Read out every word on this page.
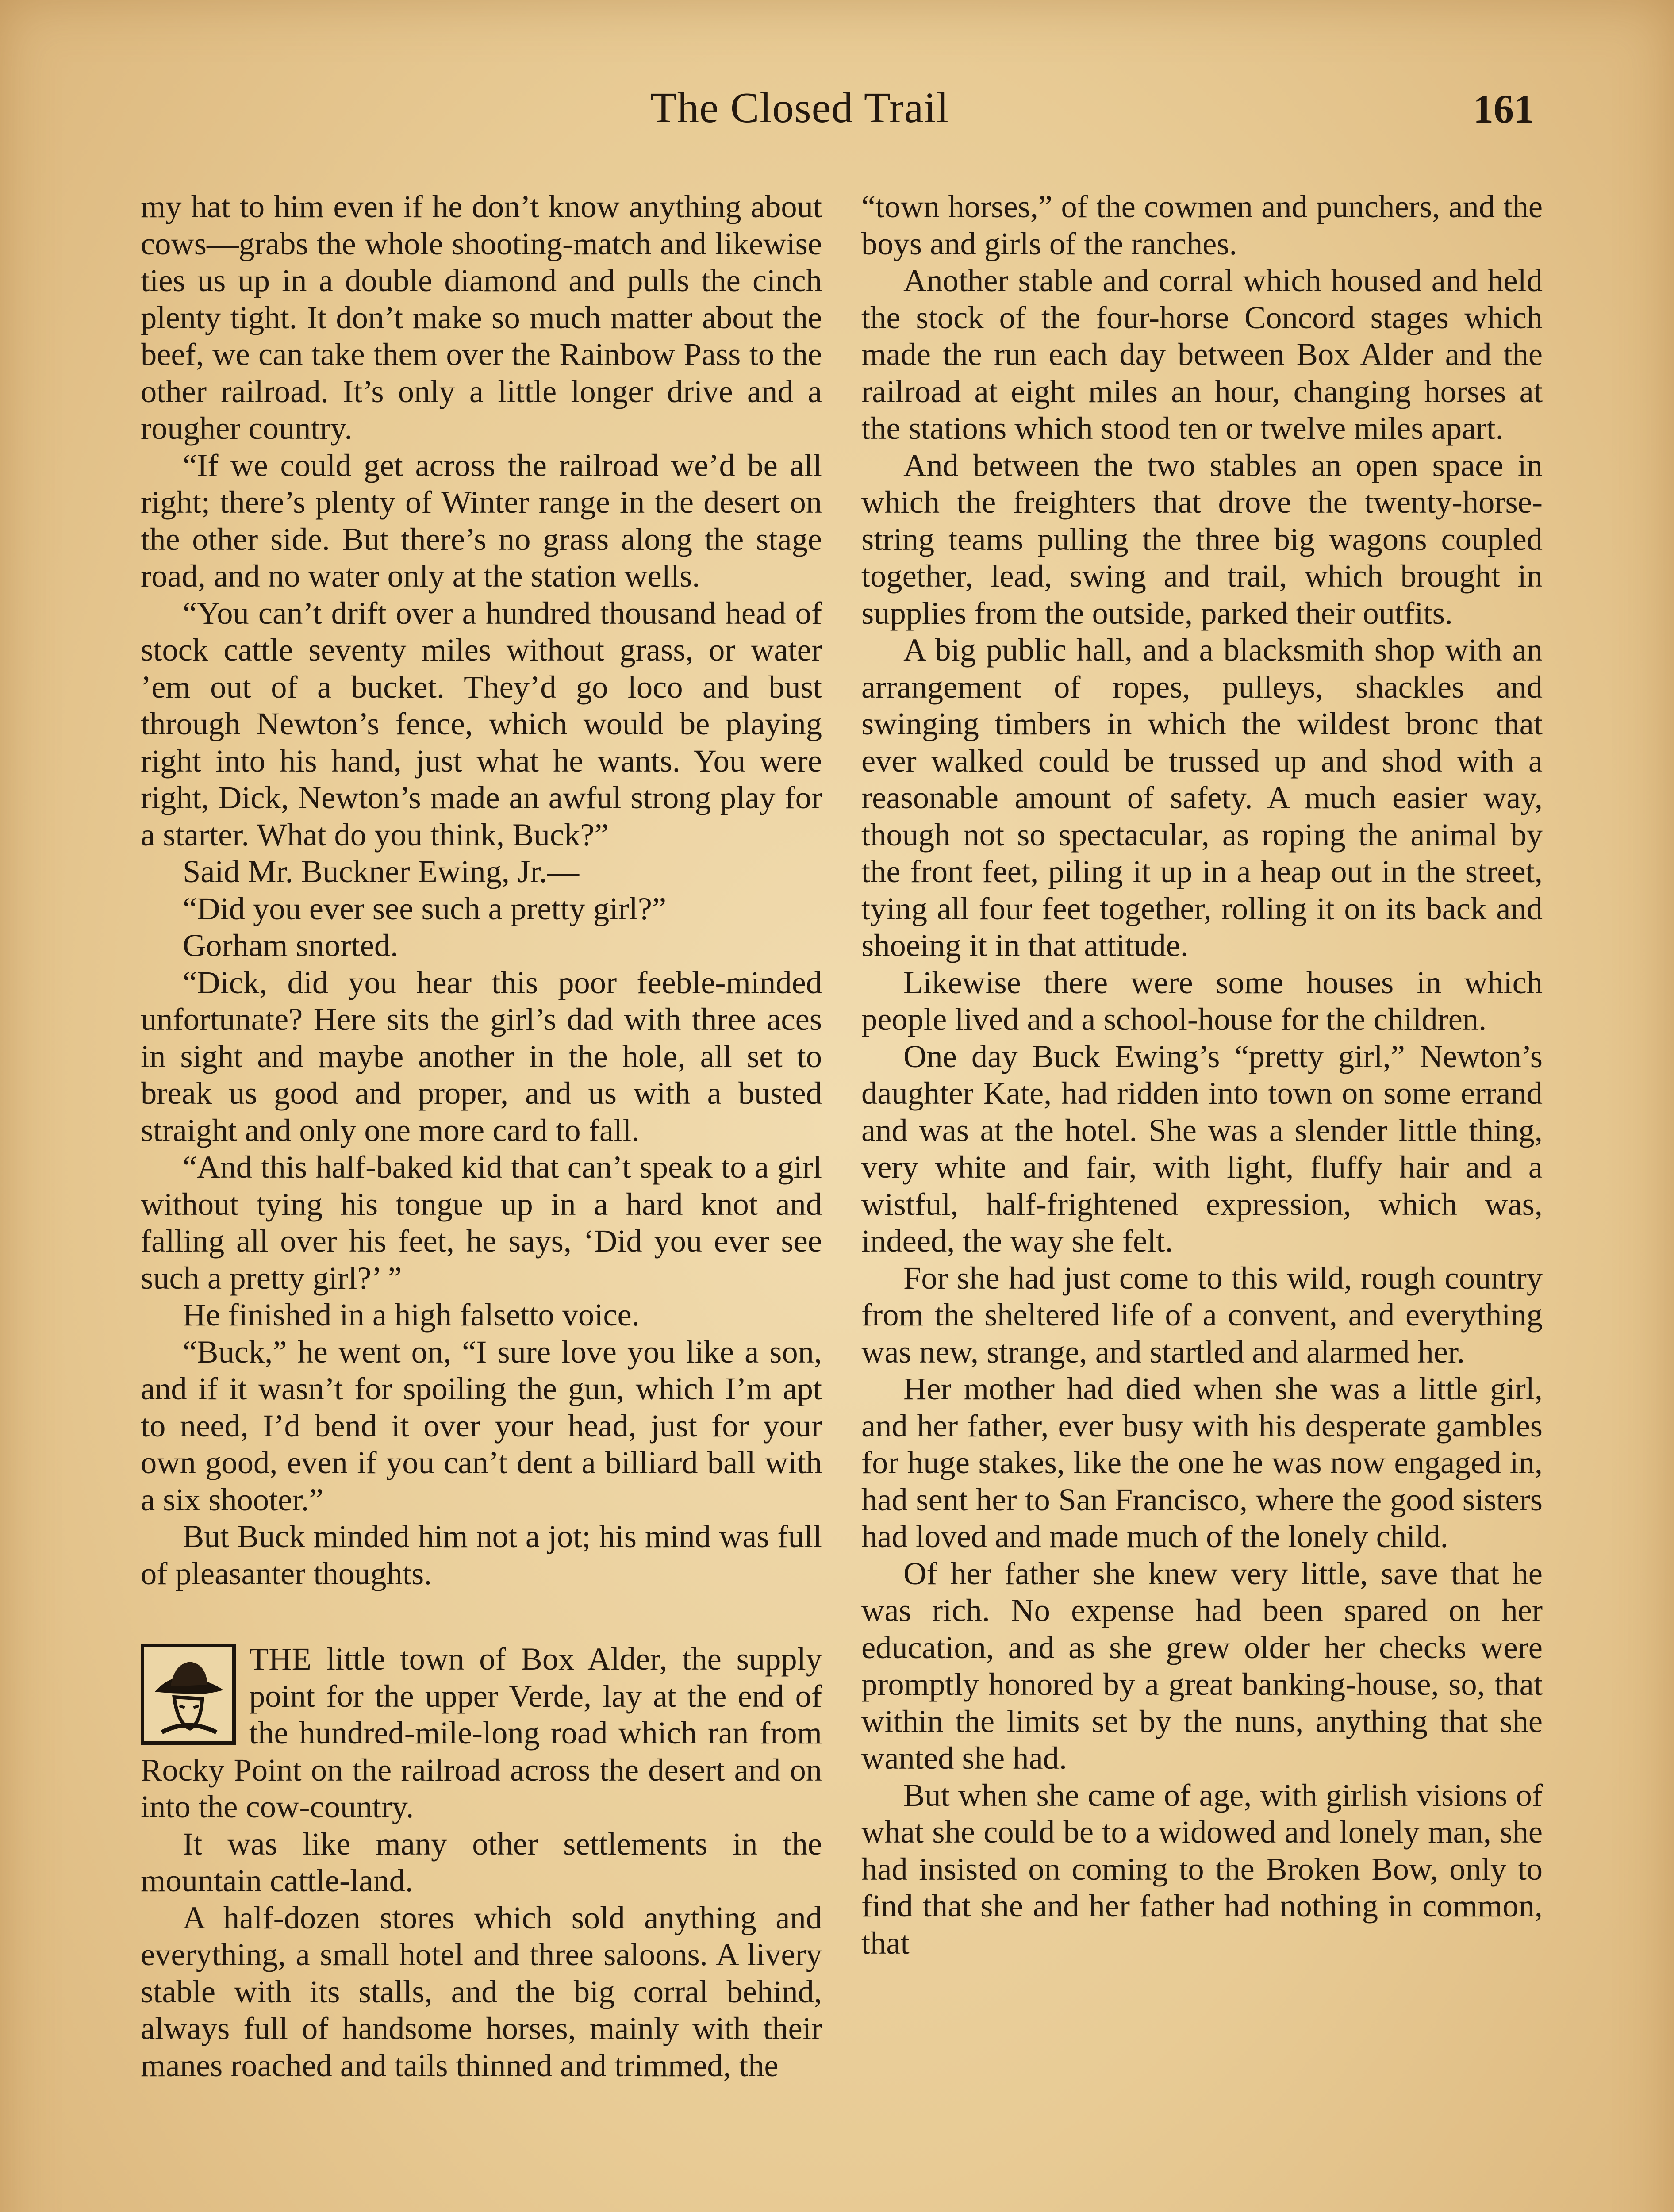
The Closed Trail	161

my hat to him even if he don’t know anything about cows—grabs the whole shooting-match and likewise ties us up in a double diamond and pulls the cinch plenty tight. It don’t make so much matter about the beef, we can take them over the Rainbow Pass to the other railroad. It’s only a little longer drive and a rougher country.

“If we could get across the railroad we’d be all right; there’s plenty of Winter range in the desert on the other side. But there’s no grass along the stage road, and no water only at the station wells.

“You can’t drift over a hundred thousand head of stock cattle seventy miles without grass, or water ’em out of a bucket. They’d go loco and bust through Newton’s fence, which would be playing right into his hand, just what he wants. You were right, Dick, Newton’s made an awful strong play for a starter. What do you think, Buck?”

Said Mr. Buckner Ewing, Jr.—

“Did you ever see such a pretty girl?”

Gorham snorted.

“Dick, did you hear this poor feeble-minded unfortunate? Here sits the girl’s dad with three aces in sight and maybe another in the hole, all set to break us good and proper, and us with a busted straight and only one more card to fall.

“And this half-baked kid that can’t speak to a girl without tying his tongue up in a hard knot and falling all over his feet, he says, ‘Did you ever see such a pretty girl?’ ”

He finished in a high falsetto voice.

“Buck,” he went on, “I sure love you like a son, and if it wasn’t for spoiling the gun, which I’m apt to need, I’d bend it over your head, just for your own good, even if you can’t dent a billiard ball with a six shooter.”

But Buck minded him not a jot; his mind was full of pleasanter thoughts.

THE little town of Box Alder, the supply point for the upper Verde, lay at the end of the hundred-mile-long road which ran from Rocky Point on the railroad across the desert and on into the cow-country.

It was like many other settlements in the mountain cattle-land.

A half-dozen stores which sold anything and everything, a small hotel and three saloons. A livery stable with its stalls, and the big corral behind, always full of handsome horses, mainly with their manes roached and tails thinned and trimmed, the

“town horses,” of the cowmen and punchers, and the boys and girls of the ranches.

Another stable and corral which housed and held the stock of the four-horse Concord stages which made the run each day between Box Alder and the railroad at eight miles an hour, changing horses at the stations which stood ten or twelve miles apart.

And between the two stables an open space in which the freighters that drove the twenty-horse-string teams pulling the three big wagons coupled together, lead, swing and trail, which brought in supplies from the outside, parked their outfits.

A big public hall, and a blacksmith shop with an arrangement of ropes, pulleys, shackles and swinging timbers in which the wildest bronc that ever walked could be trussed up and shod with a reasonable amount of safety. A much easier way, though not so spectacular, as roping the animal by the front feet, piling it up in a heap out in the street, tying all four feet together, rolling it on its back and shoeing it in that attitude.

Likewise there were some houses in which people lived and a school-house for the children.

One day Buck Ewing’s “pretty girl,” Newton’s daughter Kate, had ridden into town on some errand and was at the hotel. She was a slender little thing, very white and fair, with light, fluffy hair and a wistful, half-frightened expression, which was, indeed, the way she felt.

For she had just come to this wild, rough country from the sheltered life of a convent, and everything was new, strange, and startled and alarmed her.

Her mother had died when she was a little girl, and her father, ever busy with his desperate gambles for huge stakes, like the one he was now engaged in, had sent her to San Francisco, where the good sisters had loved and made much of the lonely child.

Of her father she knew very little, save that he was rich. No expense had been spared on her education, and as she grew older her checks were promptly honored by a great banking-house, so, that within the limits set by the nuns, anything that she wanted she had.

But when she came of age, with girlish visions of what she could be to a widowed and lonely man, she had insisted on coming to the Broken Bow, only to find that she and her father had nothing in common, that
